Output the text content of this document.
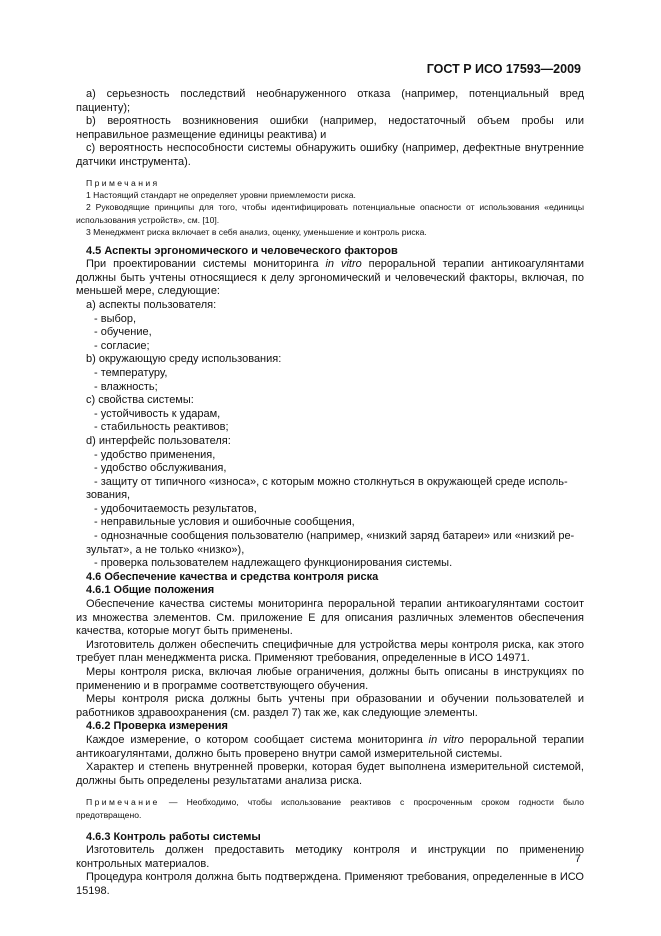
ГОСТ Р ИСО 17593—2009

a) серьезность последствий необнаруженного отказа (например, потенциальный вред пациенту);

b) вероятность возникновения ошибки (например, недостаточный объем пробы или неправильное размещение единицы реактива) и

c) вероятность неспособности системы обнаружить ошибку (например, дефектные внутренние датчики инструмента).

Примечания

1 Настоящий стандарт не определяет уровни приемлемости риска.

2 Руководящие принципы для того, чтобы идентифицировать потенциальные опасности от использования «единицы использования устройств», см. [10].

3 Менеджмент риска включает в себя анализ, оценку, уменьшение и контроль риска.

4.5 Аспекты эргономического и человеческого факторов

При проектировании системы мониторинга in vitro пероральной терапии антикоагулянтами должны быть учтены относящиеся к делу эргономический и человеческий факторы, включая, по меньшей мере, следующие:

a) аспекты пользователя:

- выбор,

- обучение,

- согласие;

b) окружающую среду использования:

- температуру,

- влажность;

c) свойства системы:

- устойчивость к ударам,

- стабильность реактивов;

d) интерфейс пользователя:

- удобство применения,

- удобство обслуживания,

- защиту от типичного «износа», с которым можно столкнуться в окружающей среде исполь-

зования,

- удобочитаемость результатов,

- неправильные условия и ошибочные сообщения,

- однозначные сообщения пользователю (например, «низкий заряд батареи» или «низкий ре-

зультат», а не только «низко»),

- проверка пользователем надлежащего функционирования системы.

4.6 Обеспечение качества и средства контроля риска

4.6.1 Общие положения

Обеспечение качества системы мониторинга пероральной терапии антикоагулянтами состоит из множества элементов. См. приложение Е для описания различных элементов обеспечения качества, которые могут быть применены.

Изготовитель должен обеспечить специфичные для устройства меры контроля риска, как этого требует план менеджмента риска. Применяют требования, определенные в ИСО 14971.

Меры контроля риска, включая любые ограничения, должны быть описаны в инструкциях по применению и в программе соответствующего обучения.

Меры контроля риска должны быть учтены при образовании и обучении пользователей и работников здравоохранения (см. раздел 7) так же, как следующие элементы.

4.6.2 Проверка измерения

Каждое измерение, о котором сообщает система мониторинга in vitro пероральной терапии антикоагулянтами, должно быть проверено внутри самой измерительной системы.

Характер и степень внутренней проверки, которая будет выполнена измерительной системой, должны быть определены результатами анализа риска.

Примечание — Необходимо, чтобы использование реактивов с просроченным сроком годности было предотвращено.

4.6.3 Контроль работы системы

Изготовитель должен предоставить методику контроля и инструкции по применению контрольных материалов.

Процедура контроля должна быть подтверждена. Применяют требования, определенные в ИСО 15198.

7
